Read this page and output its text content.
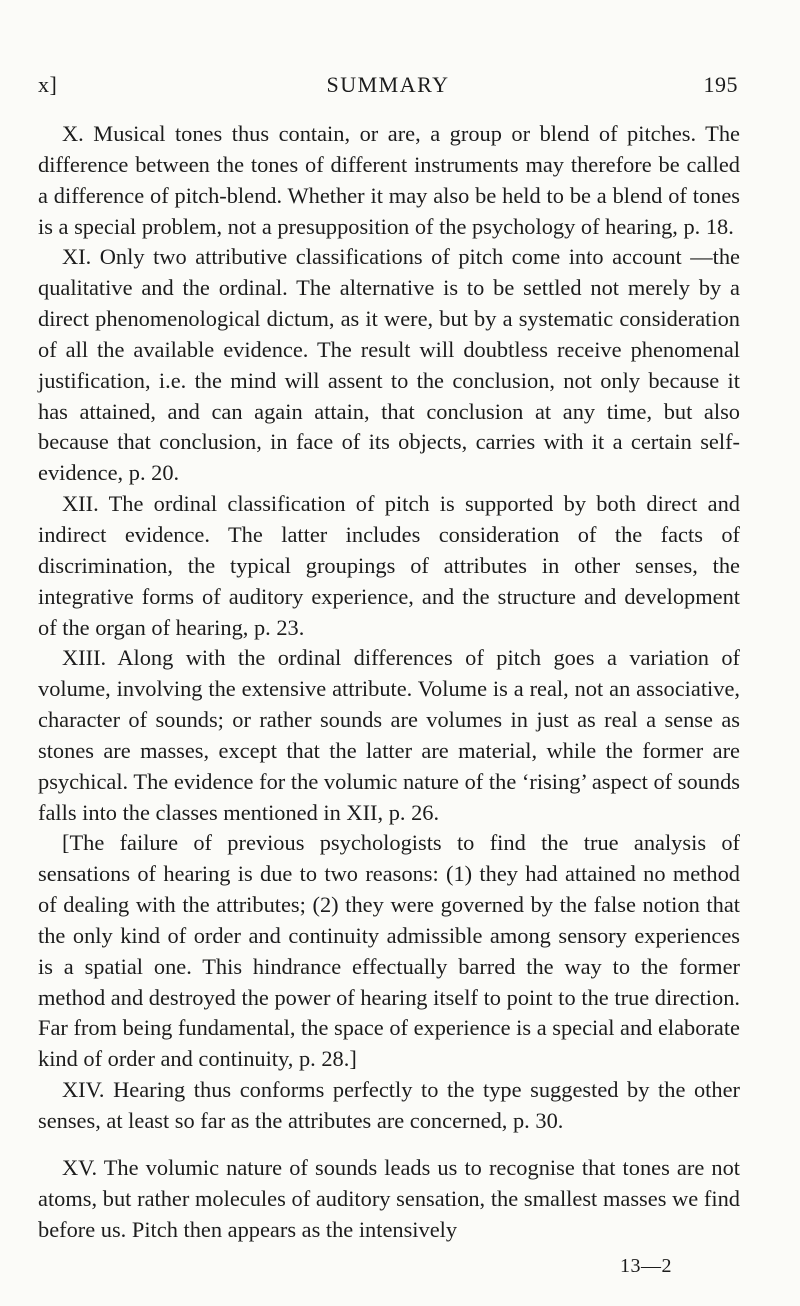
x]	SUMMARY	195

X. Musical tones thus contain, or are, a group or blend of pitches. The difference between the tones of different instruments may therefore be called a difference of pitch-blend. Whether it may also be held to be a blend of tones is a special problem, not a presupposition of the psychology of hearing, p. 18.

XI. Only two attributive classifications of pitch come into account —the qualitative and the ordinal. The alternative is to be settled not merely by a direct phenomenological dictum, as it were, but by a systematic consideration of all the available evidence. The result will doubtless receive phenomenal justification, i.e. the mind will assent to the conclusion, not only because it has attained, and can again attain, that conclusion at any time, but also because that conclusion, in face of its objects, carries with it a certain self-evidence, p. 20.

XII. The ordinal classification of pitch is supported by both direct and indirect evidence. The latter includes consideration of the facts of discrimination, the typical groupings of attributes in other senses, the integrative forms of auditory experience, and the structure and development of the organ of hearing, p. 23.

XIII. Along with the ordinal differences of pitch goes a variation of volume, involving the extensive attribute. Volume is a real, not an associative, character of sounds; or rather sounds are volumes in just as real a sense as stones are masses, except that the latter are material, while the former are psychical. The evidence for the volumic nature of the ‘rising’ aspect of sounds falls into the classes mentioned in XII, p. 26.

[The failure of previous psychologists to find the true analysis of sensations of hearing is due to two reasons: (1) they had attained no method of dealing with the attributes; (2) they were governed by the false notion that the only kind of order and continuity admissible among sensory experiences is a spatial one. This hindrance effectually barred the way to the former method and destroyed the power of hearing itself to point to the true direction. Far from being fundamental, the space of experience is a special and elaborate kind of order and continuity, p. 28.]

XIV. Hearing thus conforms perfectly to the type suggested by the other senses, at least so far as the attributes are concerned, p. 30.

XV. The volumic nature of sounds leads us to recognise that tones are not atoms, but rather molecules of auditory sensation, the smallest masses we find before us. Pitch then appears as the intensively

13—2
